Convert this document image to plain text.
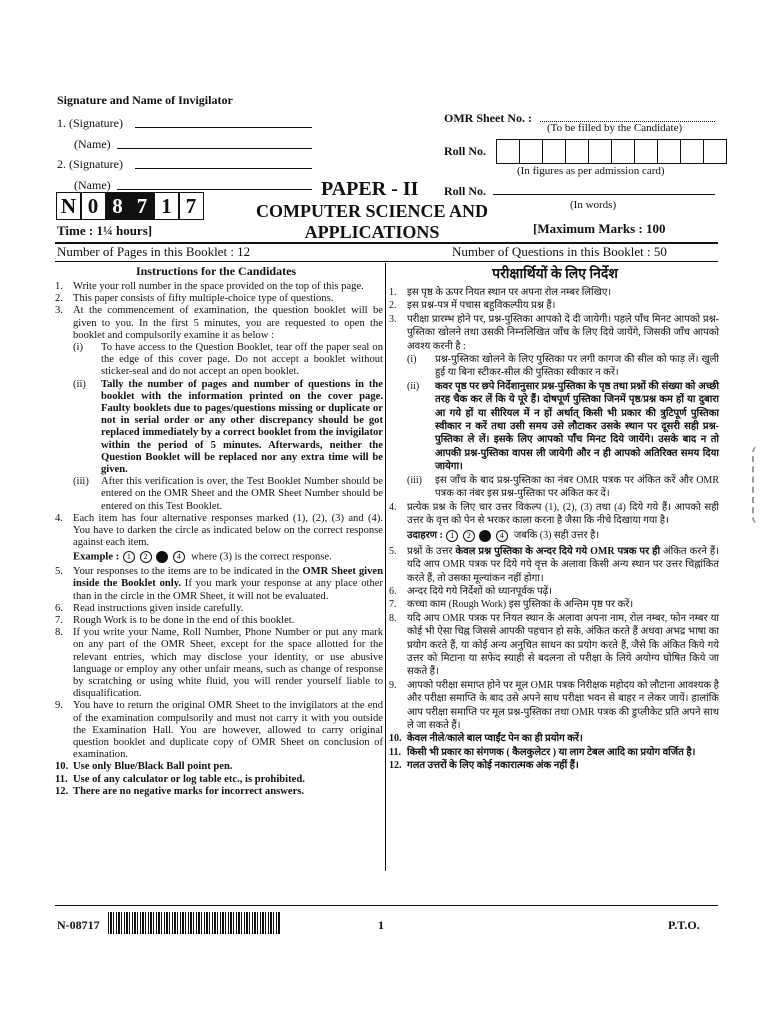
Signature and Name of Invigilator
1. (Signature)
(Name)
2. (Signature)
(Name)
OMR Sheet No. :
(To be filled by the Candidate)
Roll No.
(In figures as per admission card)
Roll No.
(In words)
PAPER - II
COMPUTER SCIENCE AND APPLICATIONS
N 0 8 7 1 7
Time : 1¼ hours]	[Maximum Marks : 100
Number of Pages in this Booklet : 12	Number of Questions in this Booklet : 50
Instructions for the Candidates
1. Write your roll number in the space provided on the top of this page.
2. This paper consists of fifty multiple-choice type of questions.
3. At the commencement of examination, the question booklet will be given to you. In the first 5 minutes, you are requested to open the booklet and compulsorily examine it as below :
(i)	To have access to the Question Booklet, tear off the paper seal on the edge of this cover page. Do not accept a booklet without sticker-seal and do not accept an open booklet.
(ii)	Tally the number of pages and number of questions in the booklet with the information printed on the cover page. Faulty booklets due to pages/questions missing or duplicate or not in serial order or any other discrepancy should be got replaced immediately by a correct booklet from the invigilator within the period of 5 minutes. Afterwards, neither the Question Booklet will be replaced nor any extra time will be given.
(iii)	After this verification is over, the Test Booklet Number should be entered on the OMR Sheet and the OMR Sheet Number should be entered on this Test Booklet.
4. Each item has four alternative responses marked (1), (2), (3) and (4). You have to darken the circle as indicated below on the correct response against each item.
Example : 1 2	4 where (3) is the correct response.
5. Your responses to the items are to be indicated in the OMR Sheet given inside the Booklet only. If you mark your response at any place other than in the circle in the OMR Sheet, it will not be evaluated.
6. Read instructions given inside carefully.
7. Rough Work is to be done in the end of this booklet.
8. If you write your Name, Roll Number, Phone Number or put any mark on any part of the OMR Sheet, except for the space allotted for the relevant entries, which may disclose your identity, or use abusive language or employ any other unfair means, such as change of response by scratching or using white fluid, you will render yourself liable to disqualification.
9. You have to return the original OMR Sheet to the invigilators at the end of the examination compulsorily and must not carry it with you outside the Examination Hall. You are however, allowed to carry original question booklet and duplicate copy of OMR Sheet on conclusion of examination.
10. Use only Blue/Black Ball point pen.
11. Use of any calculator or log table etc., is prohibited.
12. There are no negative marks for incorrect answers.
परीक्षार्थियों के लिए निर्देश
1.	इस पृष्ठ के ऊपर नियत स्थान पर अपना रोल नम्बर लिखिए।
2.	इस प्रश्न-पत्र में पचास बहुविकल्पीय प्रश्न हैं।
3.	परीक्षा प्रारम्भ होने पर, प्रश्न-पुस्तिका आपको दे दी जायेगी। पहले पाँच मिनट आपको प्रश्न-पुस्तिका खोलने तथा उसकी निम्नलिखित जाँच के लिए दिये जायेंगे, जिसकी जाँच आपको अवश्य करनी है :
(i)	प्रश्न-पुस्तिका खोलने के लिए पुस्तिका पर लगी कागज की सील को फाड़ लें। खुली हुई या बिना स्टीकर-सील की पुस्तिका स्वीकार न करें।
(ii)	कवर पृष्ठ पर छपे निर्देशानुसार प्रश्न-पुस्तिका के पृष्ठ तथा प्रश्नों की संख्या को अच्छी तरह चैक कर लें कि ये पूरे हैं। दोषपूर्ण पुस्तिका जिनमें पृष्ठ/प्रश्न कम हों या दुबारा आ गये हों या सीरियल में न हों अर्थात् किसी भी प्रकार की त्रुटिपूर्ण पुस्तिका स्वीकार न करें तथा उसी समय उसे लौटाकर उसके स्थान पर दूसरी सही प्रश्न-पुस्तिका ले लें। इसके लिए आपको पाँच मिनट दिये जायेंगे। उसके बाद न तो आपकी प्रश्न-पुस्तिका वापस ली जायेगी और न ही आपको अतिरिक्त समय दिया जायेगा।
(iii)	इस जाँच के बाद प्रश्न-पुस्तिका का नंबर OMR पत्रक पर अंकित करें और OMR पत्रक का नंबर इस प्रश्न-पुस्तिका पर अंकित कर दें।
4.	प्रत्येक प्रश्न के लिए चार उत्तर विकल्प (1), (2), (3) तथा (4) दिये गये हैं। आपको सही उत्तर के वृत्त को पेन से भरकर काला करना है जैसा कि नीचे दिखाया गया है।
उदाहरण : 1 2	4 जबकि (3) सही उत्तर है।
5.	प्रश्नों के उत्तर केवल प्रश्न पुस्तिका के अन्दर दिये गये OMR पत्रक पर ही अंकित करने हैं। यदि आप OMR पत्रक पर दिये गये वृत्त के अलावा किसी अन्य स्थान पर उत्तर चिह्नांकित करते हैं, तो उसका मूल्यांकन नहीं होगा।
6.	अन्दर दिये गये निर्देशों को ध्यानपूर्वक पढ़ें।
7.	कच्चा काम (Rough Work) इस पुस्तिका के अन्तिम पृष्ठ पर करें।
8.	यदि आप OMR पत्रक पर नियत स्थान के अलावा अपना नाम, रोल नम्बर, फोन नम्बर या कोई भी ऐसा चिह्न जिससे आपकी पहचान हो सके, अंकित करते हैं अथवा अभद्र भाषा का प्रयोग करते हैं, या कोई अन्य अनुचित साधन का प्रयोग करते हैं, जैसे कि अंकित किये गये उत्तर को मिटाना या सफेद स्याही से बदलना तो परीक्षा के लिये अयोग्य घोषित किये जा सकते हैं।
9.	आपको परीक्षा समाप्त होने पर मूल OMR पत्रक निरीक्षक महोदय को लौटाना आवश्यक है और परीक्षा समाप्ति के बाद उसे अपने साथ परीक्षा भवन से बाहर न लेकर जायें। हालांकि आप परीक्षा समाप्ति पर मूल प्रश्न-पुस्तिका तथा OMR पत्रक की डुप्लीकेट प्रति अपने साथ ले जा सकते हैं।
10. केवल नीले/काले बाल प्वाईंट पेन का ही प्रयोग करें।
11. किसी भी प्रकार का संगणक ( कैलकुलेटर ) या लाग टेबल आदि का प्रयोग वर्जित है।
12. गलत उत्तरों के लिए कोई नकारात्मक अंक नहीं हैं।
N-08717	1	P.T.O.
